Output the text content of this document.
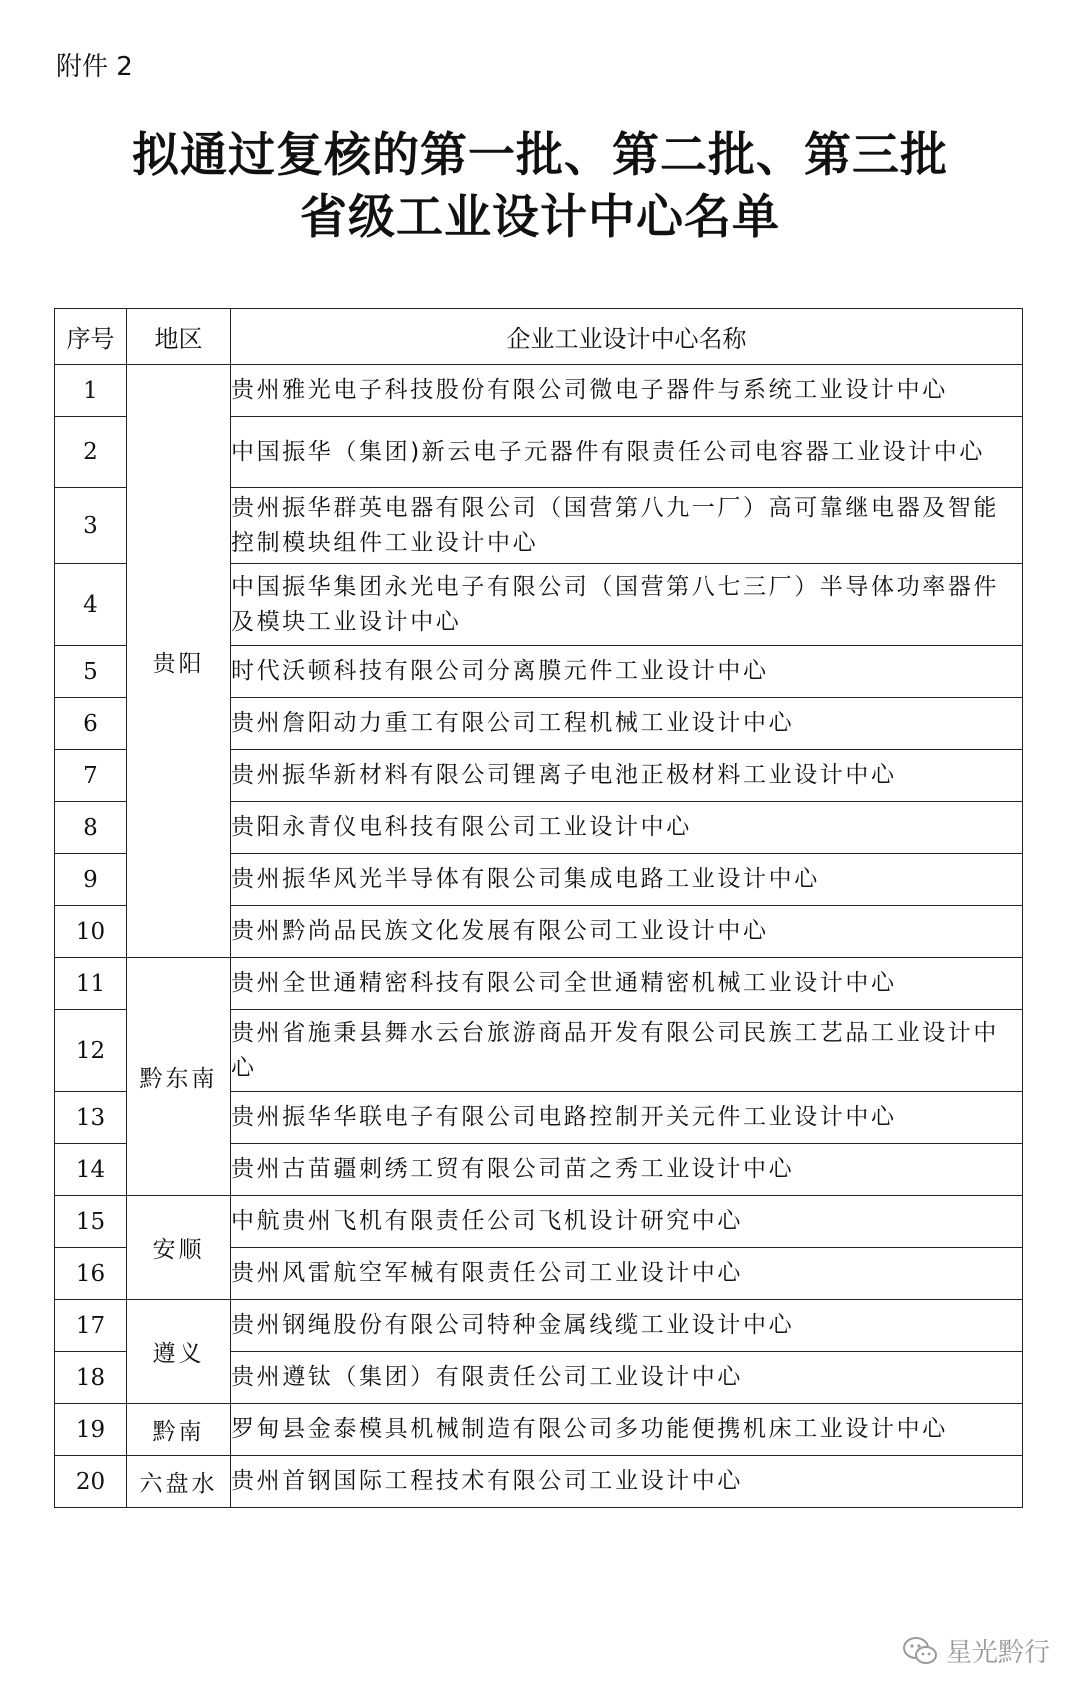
附件 2
拟通过复核的第一批、第二批、第三批
省级工业设计中心名单
序号	地区	企业工业设计中心名称
1	贵阳	贵州雅光电子科技股份有限公司微电子器件与系统工业设计中心
2		中国振华（集团)新云电子元器件有限责任公司电容器工业设计中心
3		贵州振华群英电器有限公司（国营第八九一厂）高可靠继电器及智能控制模块组件工业设计中心
4		中国振华集团永光电子有限公司（国营第八七三厂）半导体功率器件及模块工业设计中心
5		时代沃顿科技有限公司分离膜元件工业设计中心
6		贵州詹阳动力重工有限公司工程机械工业设计中心
7		贵州振华新材料有限公司锂离子电池正极材料工业设计中心
8		贵阳永青仪电科技有限公司工业设计中心
9		贵州振华风光半导体有限公司集成电路工业设计中心
10		贵州黔尚品民族文化发展有限公司工业设计中心
11	黔东南	贵州全世通精密科技有限公司全世通精密机械工业设计中心
12		贵州省施秉县舞水云台旅游商品开发有限公司民族工艺品工业设计中心
13		贵州振华华联电子有限公司电路控制开关元件工业设计中心
14		贵州古苗疆刺绣工贸有限公司苗之秀工业设计中心
15	安顺	中航贵州飞机有限责任公司飞机设计研究中心
16		贵州风雷航空军械有限责任公司工业设计中心
17	遵义	贵州钢绳股份有限公司特种金属线缆工业设计中心
18		贵州遵钛（集团）有限责任公司工业设计中心
19	黔南	罗甸县金泰模具机械制造有限公司多功能便携机床工业设计中心
20	六盘水	贵州首钢国际工程技术有限公司工业设计中心
星光黔行
